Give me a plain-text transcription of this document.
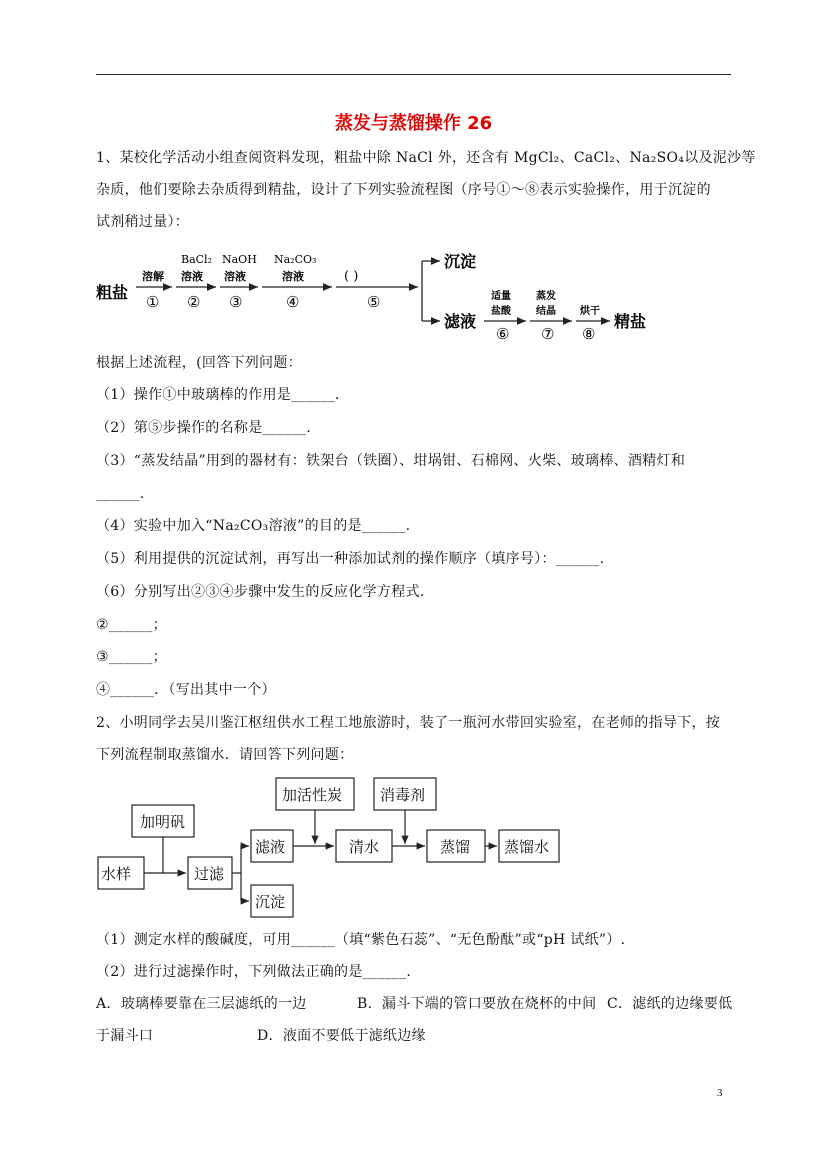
蒸发与蒸馏操作 26
1、某校化学活动小组查阅资料发现，粗盐中除 NaCl 外，还含有 MgCl₂、CaCl₂、Na₂SO₄以及泥沙等
杂质，他们要除去杂质得到精盐，设计了下列实验流程图（序号①～⑧表示实验操作，用于沉淀的
试剂稍过量）：
粗盐
溶解
①
BaCl₂
溶液
②
NaOH
溶液
③
Na₂CO₃
溶液
④
( )
⑤
沉淀
滤液
适量
盐酸
⑥
蒸发
结晶
⑦
烘干
⑧
精盐
根据上述流程，(回答下列问题：
（1）操作①中玻璃棒的作用是______.
（2）第⑤步操作的名称是______.
（3）“蒸发结晶”用到的器材有：铁架台（铁圈）、坩埚钳、石棉网、火柴、玻璃棒、酒精灯和
______.
（4）实验中加入“Na₂CO₃溶液”的目的是______.
（5）利用提供的沉淀试剂，再写出一种添加试剂的操作顺序（填序号）：______.
（6）分别写出②③④步骤中发生的反应化学方程式.
②______；
③______；
④______．（写出其中一个）
2、小明同学去吴川鉴江枢纽供水工程工地旅游时，装了一瓶河水带回实验室，在老师的指导下，按
下列流程制取蒸馏水．请回答下列问题：
加明矾
水样	过滤
滤液
沉淀
加活性炭
清水
消毒剂
蒸馏 蒸馏水
（1）测定水样的酸碱度，可用______（填“紫色石蕊”、“无色酚酞”或“pH 试纸”）.
（2）进行过滤操作时，下列做法正确的是______.
A．玻璃棒要靠在三层滤纸的一边	B．漏斗下端的管口要放在烧杯的中间 C．滤纸的边缘要低
于漏斗口	D．液面不要低于滤纸边缘
3
